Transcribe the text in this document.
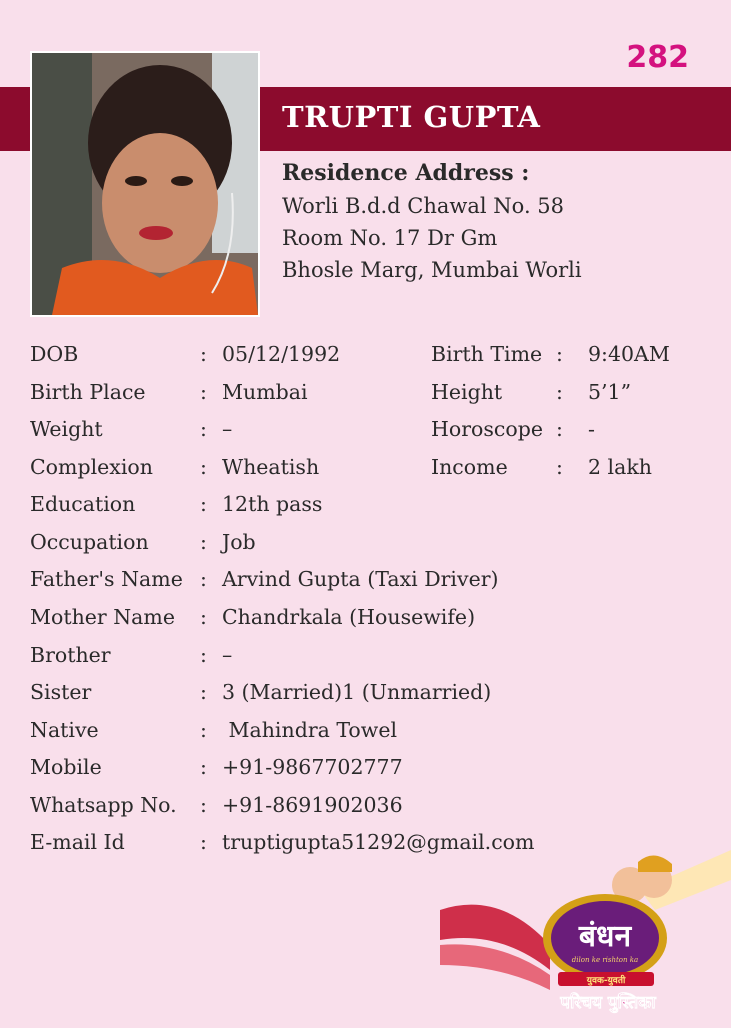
282
TRUPTI GUPTA
Residence Address :
Worli B.d.d Chawal No. 58
Room No. 17 Dr Gm
Bhosle Marg, Mumbai Worli
DOB	: 05/12/1992	Birth Time : 9:40AM
Birth Place	: Mumbai	Height	: 5’1”
Weight	: –	Horoscope : -
Complexion : Wheatish	Income : 2 lakh
Education	: 12th pass
Occupation	: Job
Father's Name : Arvind Gupta (Taxi Driver)
Mother Name : Chandrkala (Housewife)
Brother	: –
Sister	: 3 (Married)1 (Unmarried)
Native	: Mahindra Towel
Mobile	: +91-9867702777
Whatsapp No. : +91-8691902036
E-mail Id	: truptigupta51292@gmail.com
बंधन
dilon ke rishton ka
युवक-युवती
परिचय पुस्तिका
